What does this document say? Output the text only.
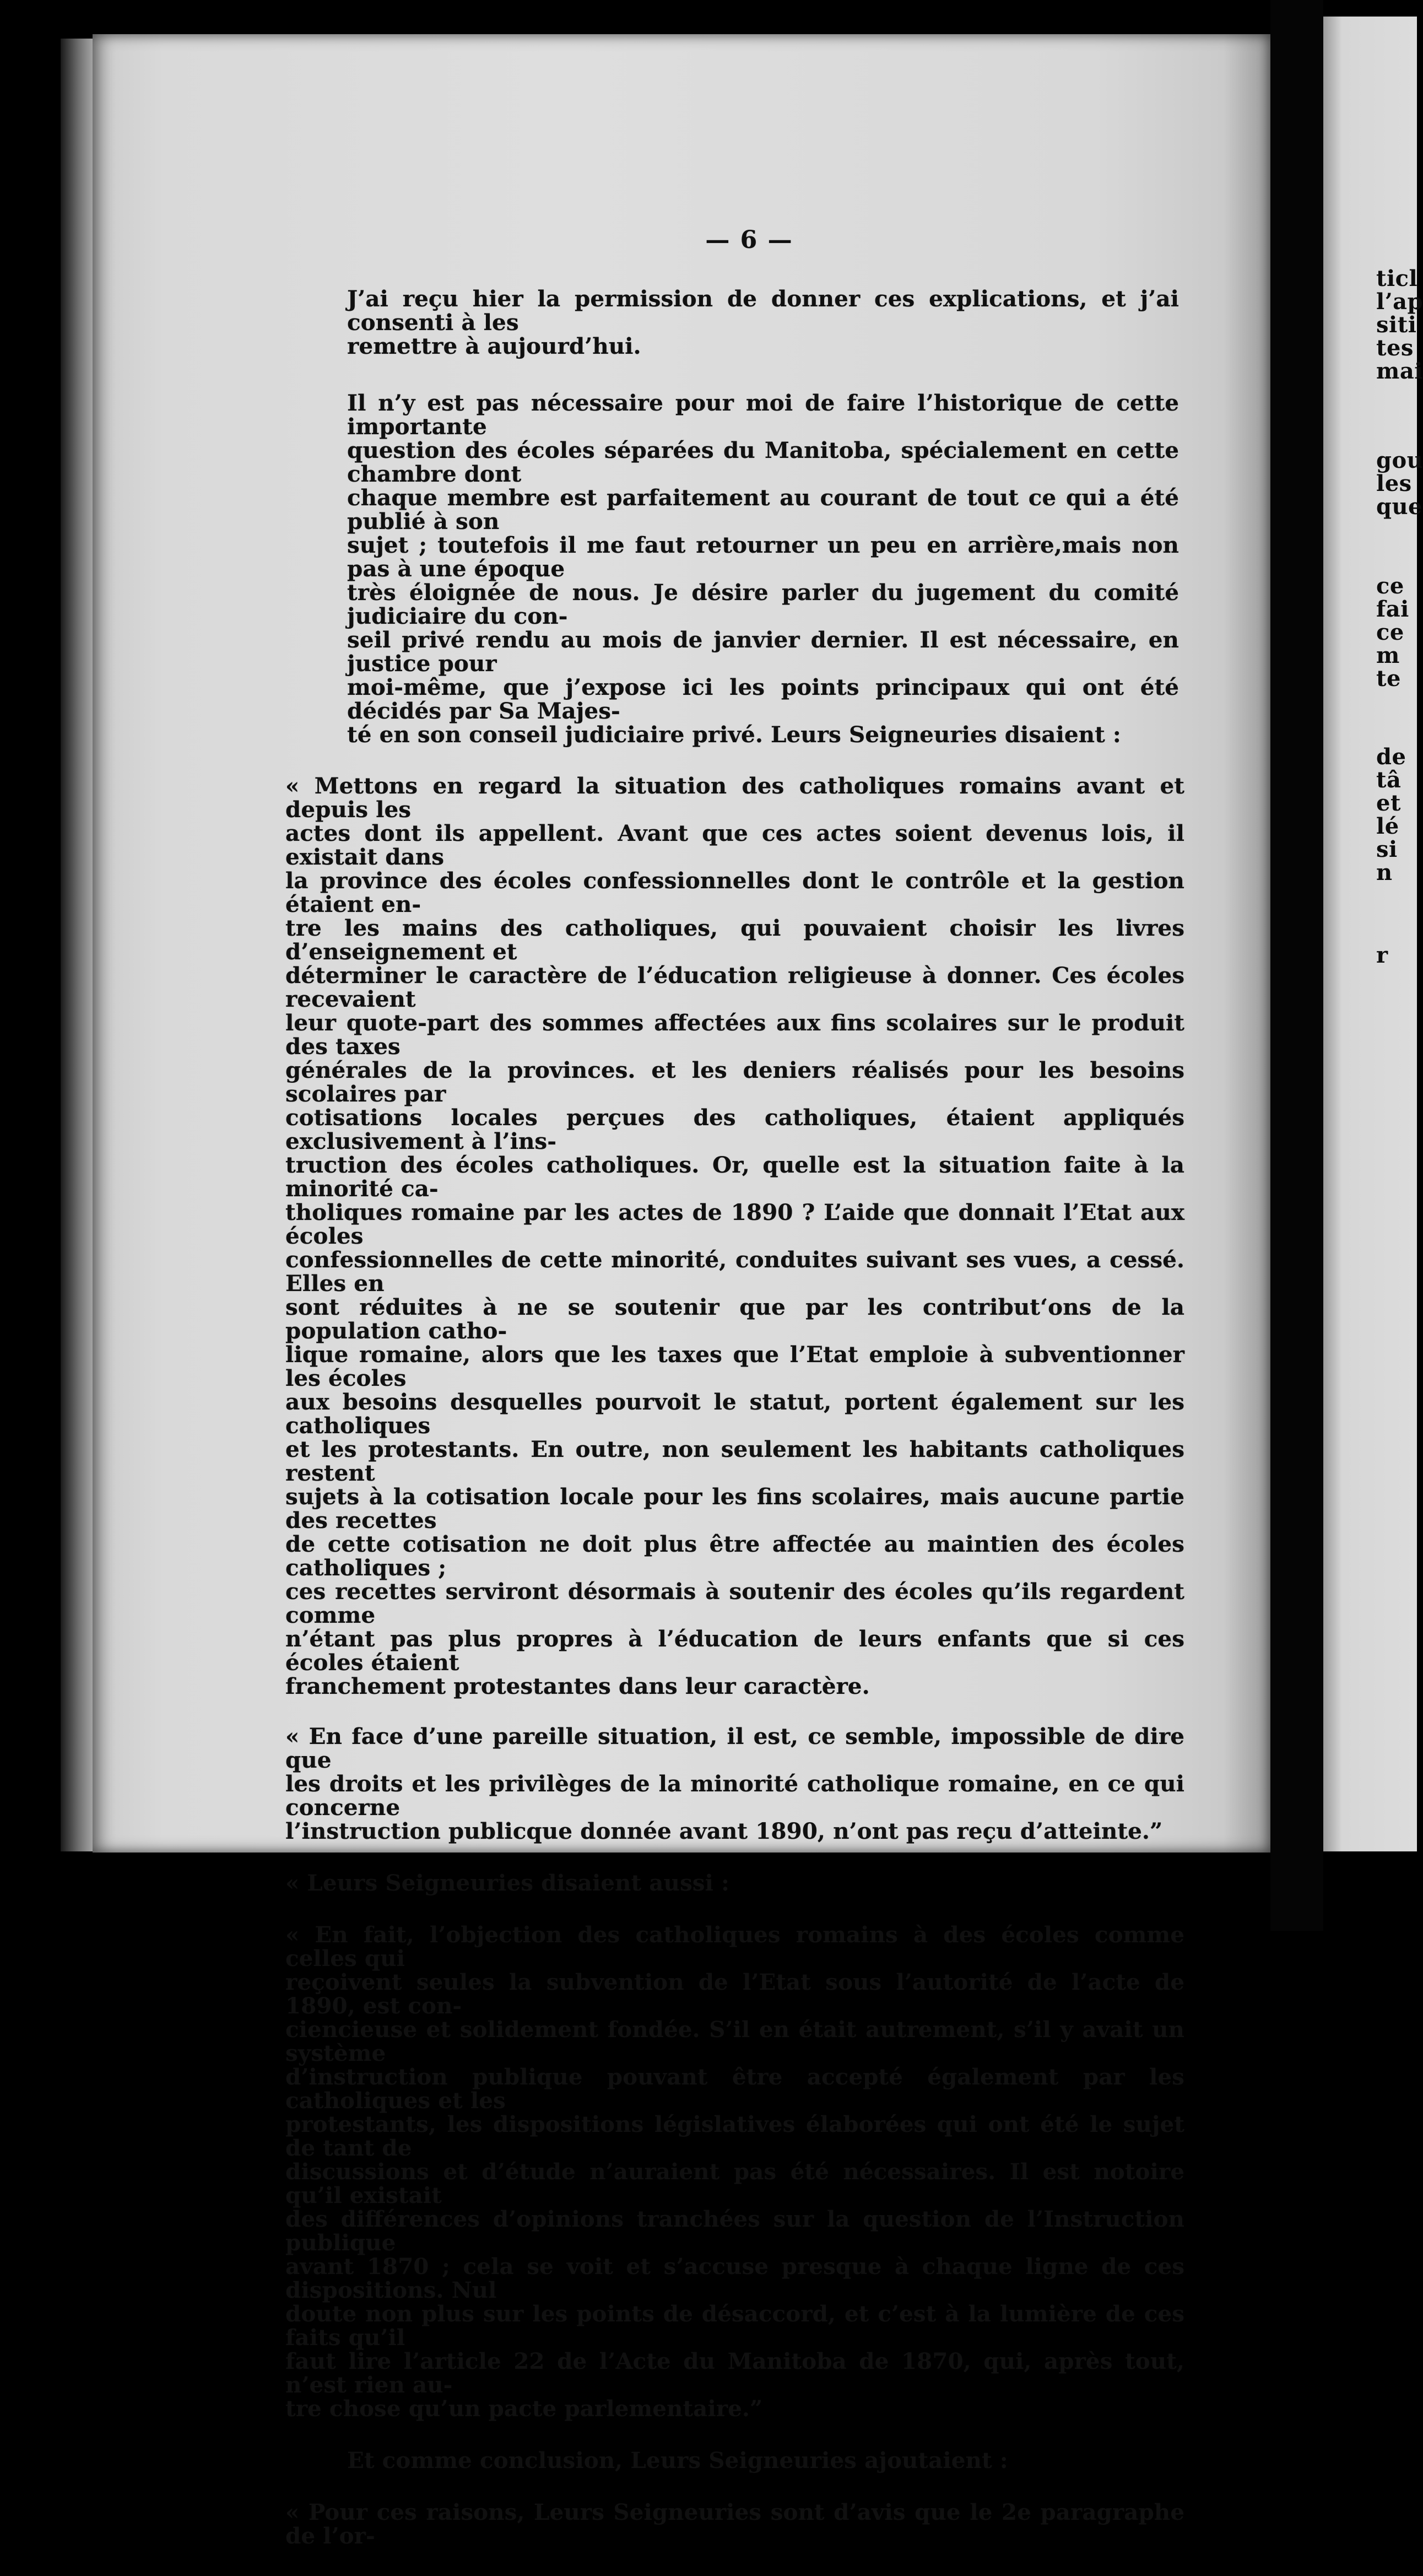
— 6 —
J’ai reçu hier la permission de donner ces explications, et j’ai consenti à les
remettre à aujourd’hui.
Il n’y est pas nécessaire pour moi de faire l’historique de cette importante
question des écoles séparées du Manitoba, spécialement en cette chambre dont
chaque membre est parfaitement au courant de tout ce qui a été publié à son
sujet ; toutefois il me faut retourner un peu en arrière,mais non pas à une époque
très éloignée de nous. Je désire parler du jugement du comité judiciaire du con-
seil privé rendu au mois de janvier dernier. Il est nécessaire, en justice pour
moi-même, que j’expose ici les points principaux qui ont été décidés par Sa Majes-
té en son conseil judiciaire privé. Leurs Seigneuries disaient :
« Mettons en regard la situation des catholiques romains avant et depuis les
actes dont ils appellent. Avant que ces actes soient devenus lois, il existait dans
la province des écoles confessionnelles dont le contrôle et la gestion étaient en-
tre les mains des catholiques, qui pouvaient choisir les livres d’enseignement et
déterminer le caractère de l’éducation religieuse à donner. Ces écoles recevaient
leur quote-part des sommes affectées aux fins scolaires sur le produit des taxes
générales de la provinces. et les deniers réalisés pour les besoins scolaires par
cotisations locales perçues des catholiques, étaient appliqués exclusivement à l’ins-
truction des écoles catholiques. Or, quelle est la situation faite à la minorité ca-
tholiques romaine par les actes de 1890 ? L’aide que donnait l’Etat aux écoles
confessionnelles de cette minorité, conduites suivant ses vues, a cessé. Elles en
sont réduites à ne se soutenir que par les contribut‘ons de la population catho-
lique romaine, alors que les taxes que l’Etat emploie à subventionner les écoles
aux besoins desquelles pourvoit le statut, portent également sur les catholiques
et les protestants. En outre, non seulement les habitants catholiques restent
sujets à la cotisation locale pour les fins scolaires, mais aucune partie des recettes
de cette cotisation ne doit plus être affectée au maintien des écoles catholiques ;
ces recettes serviront désormais à soutenir des écoles qu’ils regardent comme
n’étant pas plus propres à l’éducation de leurs enfants que si ces écoles étaient
franchement protestantes dans leur caractère.
« En face d’une pareille situation, il est, ce semble, impossible de dire que
les droits et les privilèges de la minorité catholique romaine, en ce qui concerne
l’instruction publicque donnée avant 1890, n’ont pas reçu d’atteinte.”
« Leurs Seigneuries disaient aussi :
« En fait, l’objection des catholiques romains à des écoles comme celles qui
reçoivent seules la subvention de l’Etat sous l’autorité de l’acte de 1890, est con-
ciencieuse et solidement fondée. S’il en était autrement, s’il y avait un système
d’instruction publique pouvant être accepté également par les catholiques et les
protestants, les dispositions législatives élaborées qui ont été le sujet de tant de
discussions et d’étude n’auraient pas été nécessaires. Il est notoire qu’il existait
des différences d’opinions tranchées sur la question de l’Instruction publique
avant 1870 ; cela se voit et s’accuse presque à chaque ligne de ces dispositions. Nul
doute non plus sur les points de désaccord, et c’est à la lumière de ces faits qu’il
faut lire l’article 22 de l’Acte du Manitoba de 1870, qui, après tout, n’est rien au-
tre chose qu’un pacte parlementaire.”
Et comme conclusion, Leurs Seigneuries ajoutaient :
« Pour ces raisons, Leurs Seigneuries sont d’avis que le 2e paragraphe de l’or-
ticl
l’ap
siti
tes
mai
gou
les
que
ce
fai
ce
m
te
de
tâ
et
lé
si
n
r
